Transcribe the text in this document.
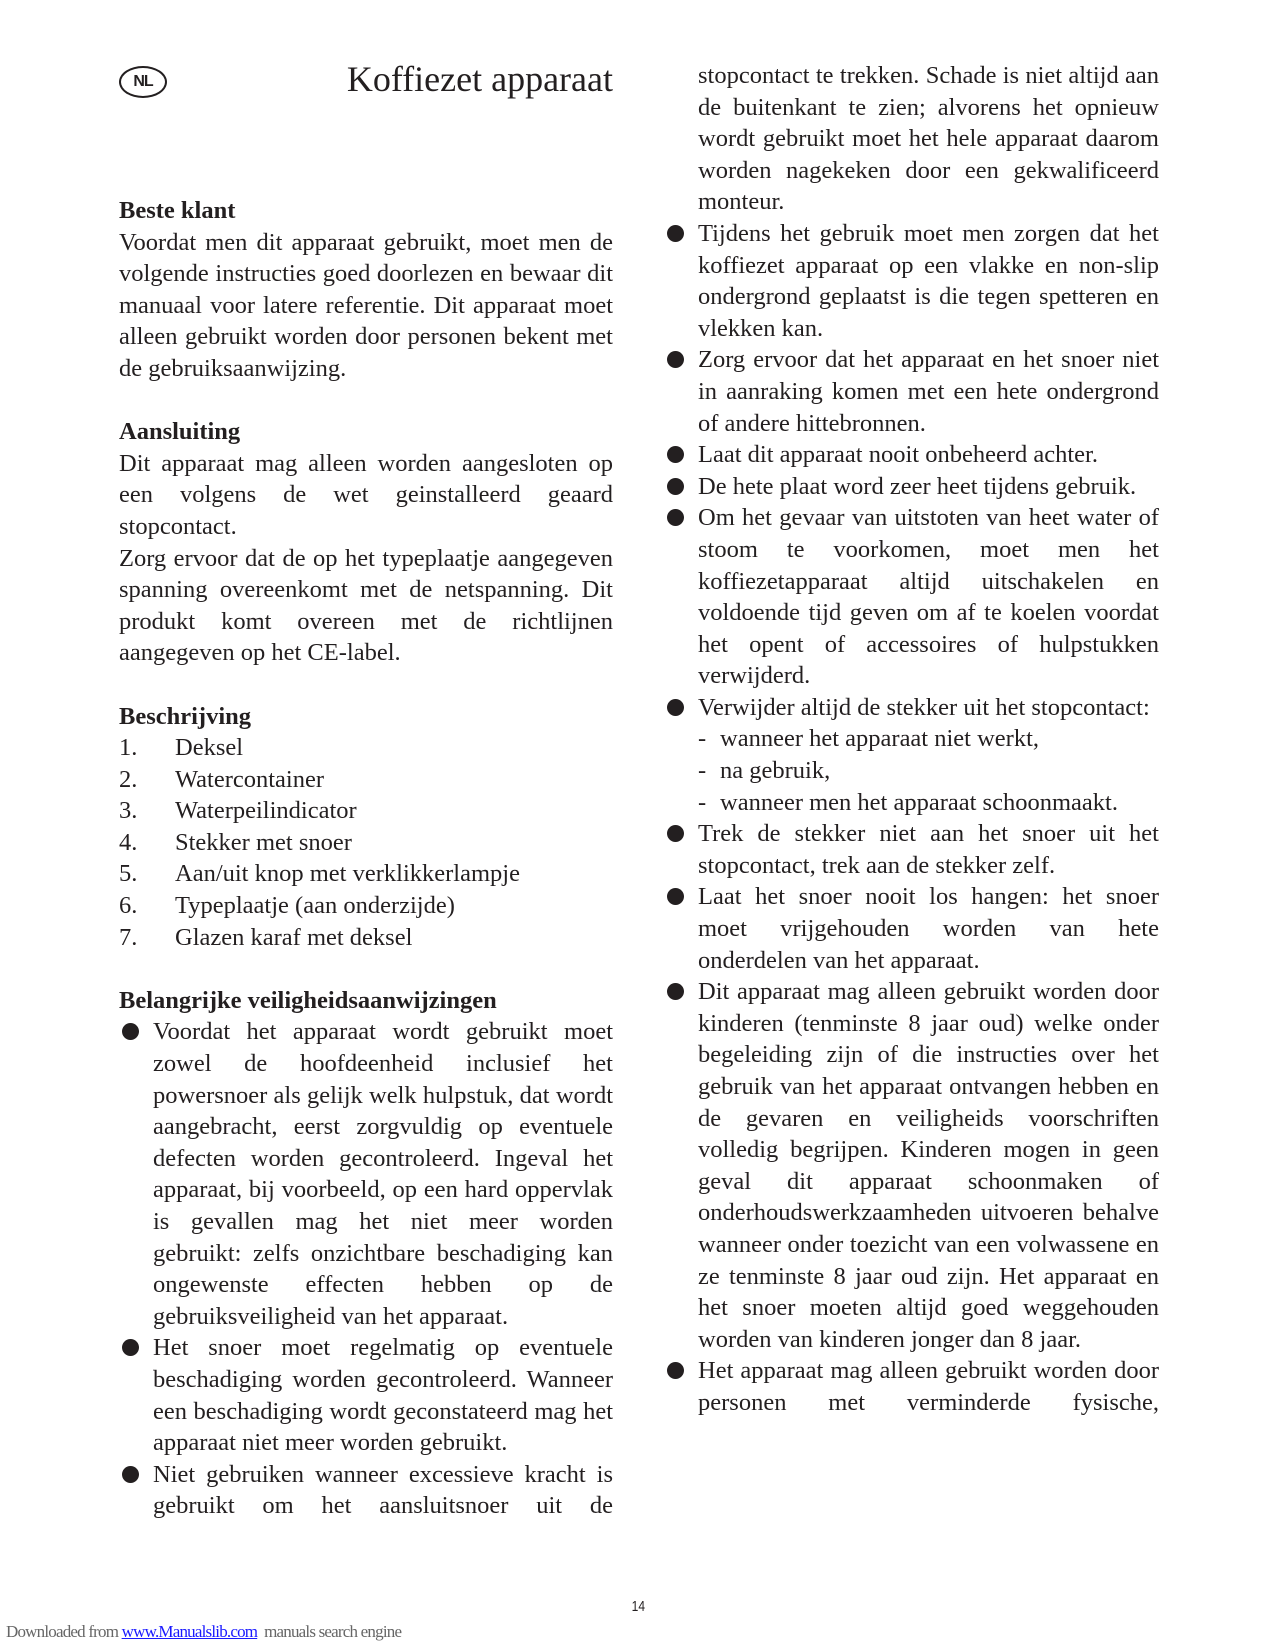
NL	Koffiezet apparaat
Beste klant
Voordat men dit apparaat gebruikt, moet men de volgende instructies goed doorlezen en bewaar dit manuaal voor latere referentie. Dit apparaat moet alleen gebruikt worden door personen bekent met de gebruiksaanwijzing.
Aansluiting
Dit apparaat mag alleen worden aangesloten op een volgens de wet geinstalleerd geaard stopcontact.
Zorg ervoor dat de op het typeplaatje aangegeven spanning overeenkomt met de netspanning. Dit produkt komt overeen met de richtlijnen aangegeven op het CE-label.
Beschrijving
1.	Deksel
2.	Watercontainer
3.	Waterpeilindicator
4.	Stekker met snoer
5.	Aan/uit knop met verklikkerlampje
6.	Typeplaatje (aan onderzijde)
7.	Glazen karaf met deksel
Belangrijke veiligheidsaanwijzingen
Voordat het apparaat wordt gebruikt moet zowel de hoofdeenheid inclusief het powersnoer als gelijk welk hulpstuk, dat wordt aangebracht, eerst zorgvuldig op eventuele defecten worden gecontroleerd. Ingeval het apparaat, bij voorbeeld, op een hard oppervlak is gevallen mag het niet meer worden gebruikt: zelfs onzichtbare beschadiging kan ongewenste effecten hebben op de gebruiksveiligheid van het apparaat.
Het snoer moet regelmatig op eventuele beschadiging worden gecontroleerd. Wanneer een beschadiging wordt geconstateerd mag het apparaat niet meer worden gebruikt.
Niet gebruiken wanneer excessieve kracht is gebruikt om het aansluitsnoer uit de
stopcontact te trekken. Schade is niet altijd aan de buitenkant te zien; alvorens het opnieuw wordt gebruikt moet het hele apparaat daarom worden nagekeken door een gekwalificeerd monteur.
Tijdens het gebruik moet men zorgen dat het koffiezet apparaat op een vlakke en non-slip ondergrond geplaatst is die tegen spetteren en vlekken kan.
Zorg ervoor dat het apparaat en het snoer niet in aanraking komen met een hete ondergrond of andere hittebronnen.
Laat dit apparaat nooit onbeheerd achter.
De hete plaat word zeer heet tijdens gebruik.
Om het gevaar van uitstoten van heet water of stoom te voorkomen, moet men het koffiezetapparaat altijd uitschakelen en voldoende tijd geven om af te koelen voordat het opent of accessoires of hulpstukken verwijderd.
Verwijder altijd de stekker uit het stopcontact:
- wanneer het apparaat niet werkt,
- na gebruik,
- wanneer men het apparaat schoonmaakt.
Trek de stekker niet aan het snoer uit het stopcontact, trek aan de stekker zelf.
Laat het snoer nooit los hangen: het snoer moet vrijgehouden worden van hete onderdelen van het apparaat.
Dit apparaat mag alleen gebruikt worden door kinderen (tenminste 8 jaar oud) welke onder begeleiding zijn of die instructies over het gebruik van het apparaat ontvangen hebben en de gevaren en veiligheids voorschriften volledig begrijpen. Kinderen mogen in geen geval dit apparaat schoonmaken of onderhoudswerkzaamheden uitvoeren behalve wanneer onder toezicht van een volwassene en ze tenminste 8 jaar oud zijn. Het apparaat en het snoer moeten altijd goed weggehouden worden van kinderen jonger dan 8 jaar.
Het apparaat mag alleen gebruikt worden door personen met verminderde fysische,
14
Downloaded from www.Manualslib.com  manuals search engine
